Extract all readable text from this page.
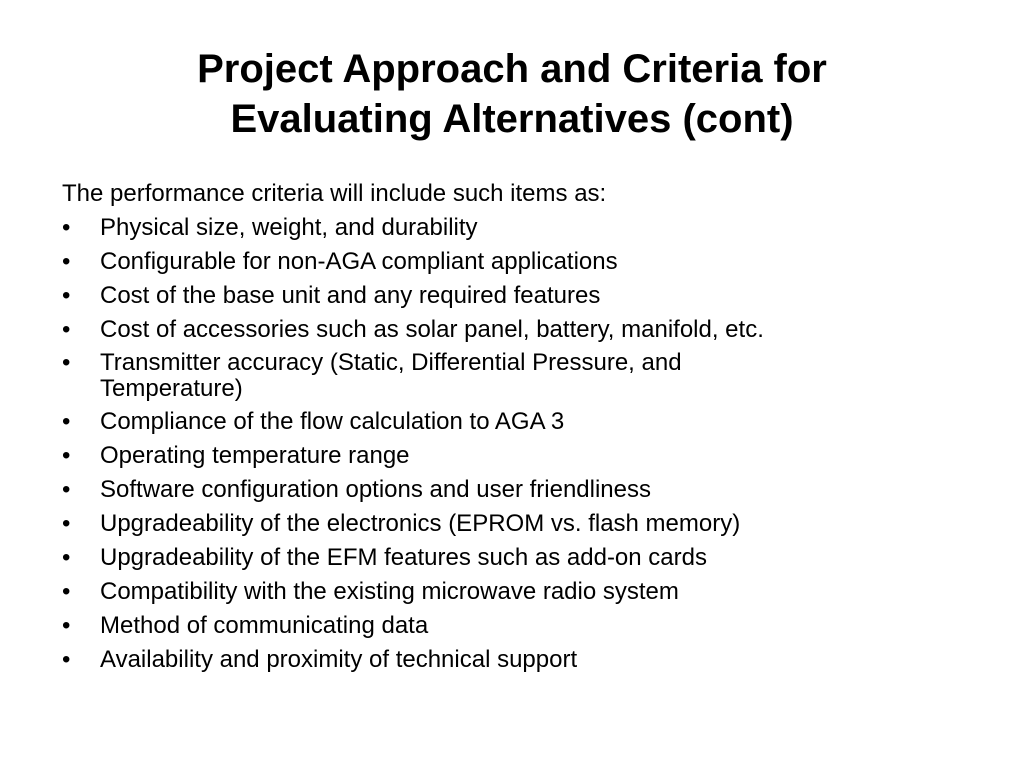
Project Approach and Criteria for
Evaluating Alternatives (cont)

The performance criteria will include such items as:

• Physical size, weight, and durability
• Configurable for non-AGA compliant applications
• Cost of the base unit and any required features
• Cost of accessories such as solar panel, battery, manifold, etc.
• Transmitter accuracy (Static, Differential Pressure, and Temperature)
• Compliance of the flow calculation to AGA 3
• Operating temperature range
• Software configuration options and user friendliness
• Upgradeability of the electronics (EPROM vs. flash memory)
• Upgradeability of the EFM features such as add-on cards
• Compatibility with the existing microwave radio system
• Method of communicating data
• Availability and proximity of technical support
